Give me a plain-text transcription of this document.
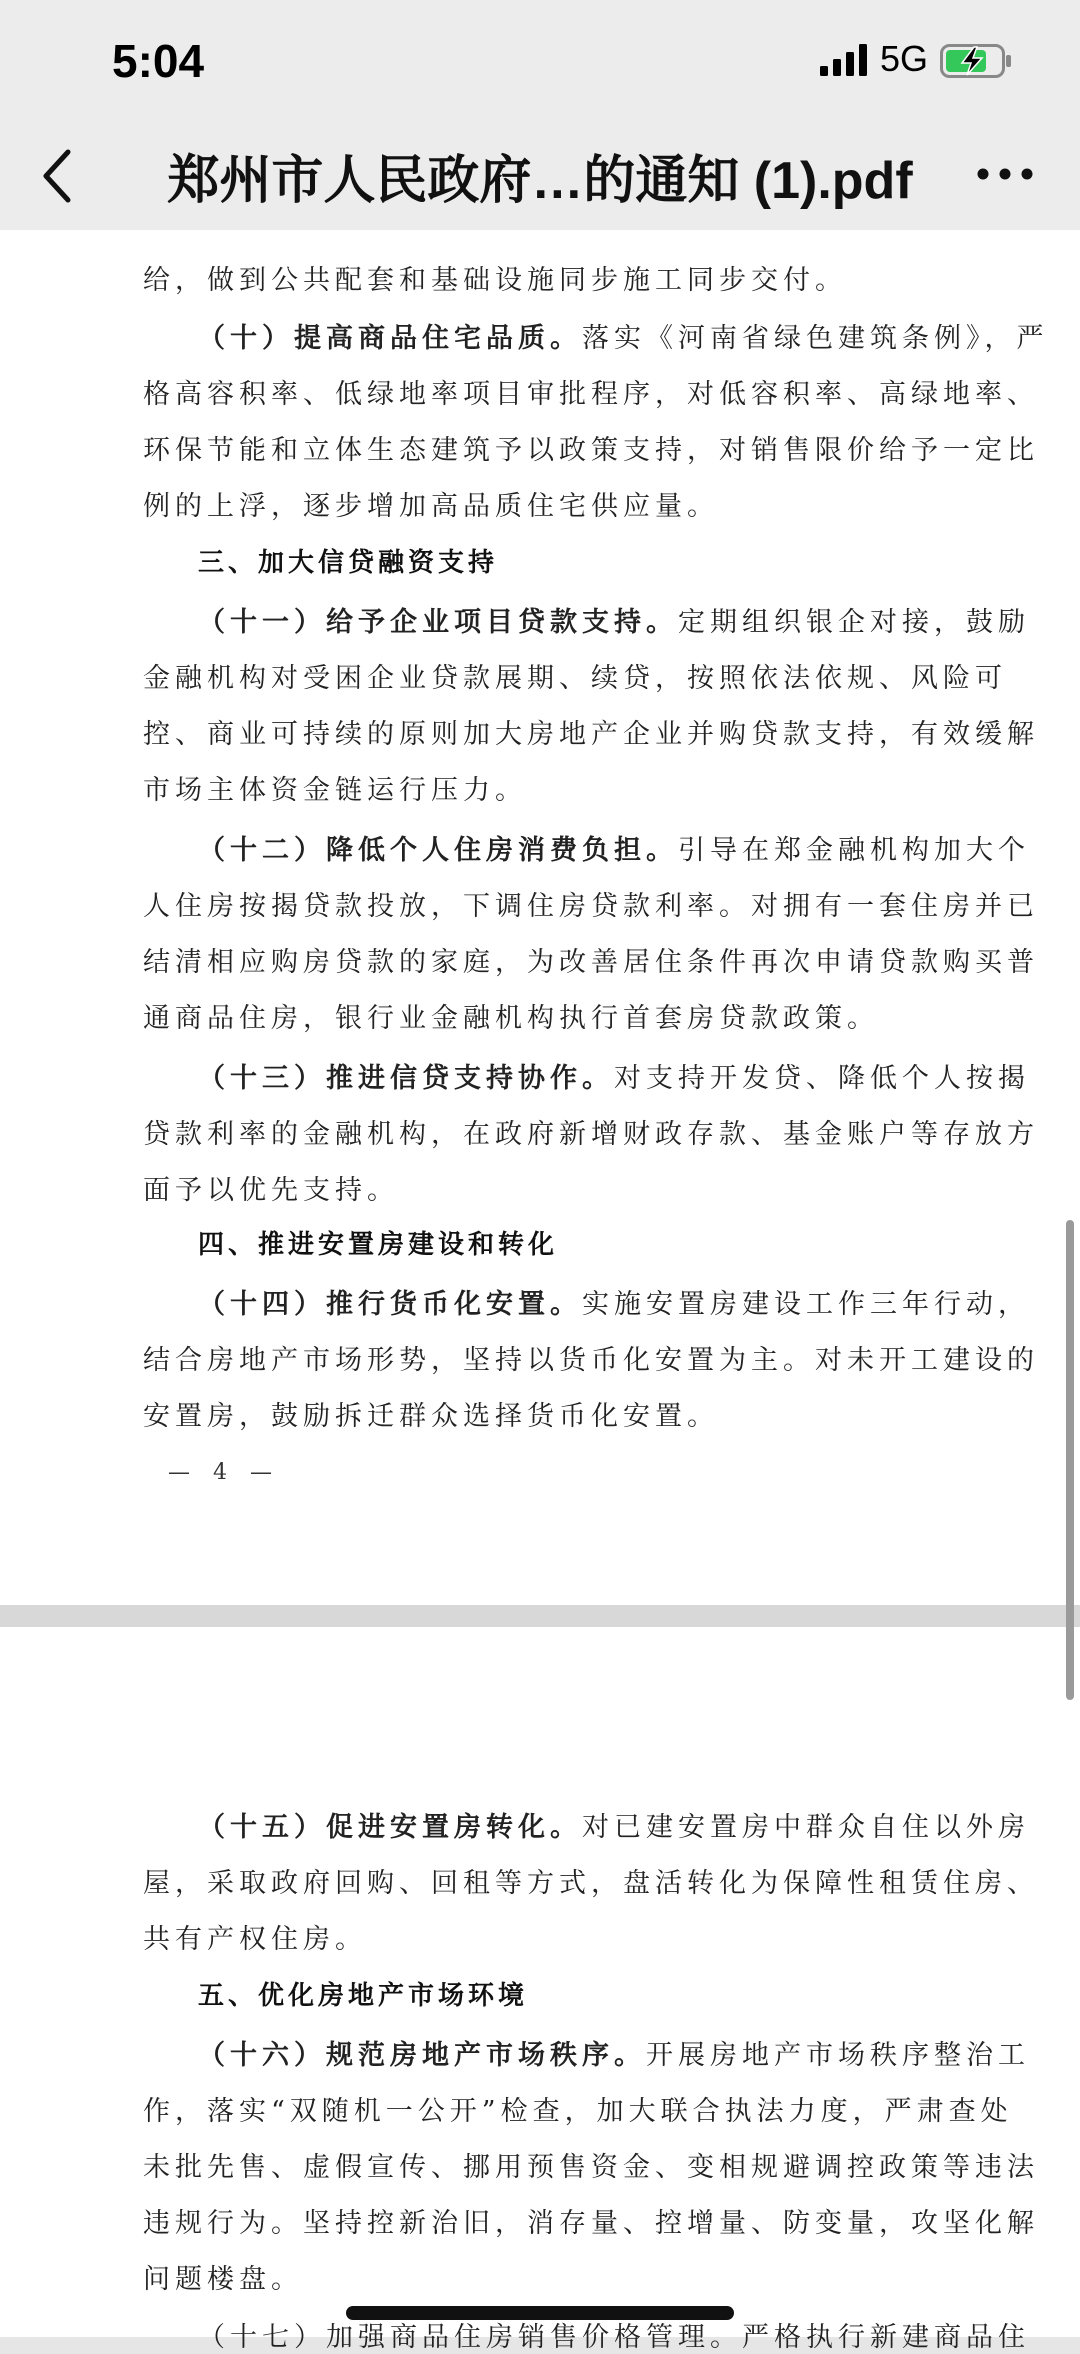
5:04	5G
郑州市人民政府…的通知 (1).pdf
给，做到公共配套和基础设施同步施工同步交付。
（十）提高商品住宅品质。落实《河南省绿色建筑条例》，严
格高容积率、低绿地率项目审批程序，对低容积率、高绿地率、
环保节能和立体生态建筑予以政策支持，对销售限价给予一定比
例的上浮，逐步增加高品质住宅供应量。
三、加大信贷融资支持
（十一）给予企业项目贷款支持。定期组织银企对接，鼓励
金融机构对受困企业贷款展期、续贷，按照依法依规、风险可
控、商业可持续的原则加大房地产企业并购贷款支持，有效缓解
市场主体资金链运行压力。
（十二）降低个人住房消费负担。引导在郑金融机构加大个
人住房按揭贷款投放，下调住房贷款利率。对拥有一套住房并已
结清相应购房贷款的家庭，为改善居住条件再次申请贷款购买普
通商品住房，银行业金融机构执行首套房贷款政策。
（十三）推进信贷支持协作。对支持开发贷、降低个人按揭
贷款利率的金融机构，在政府新增财政存款、基金账户等存放方
面予以优先支持。
四、推进安置房建设和转化
（十四）推行货币化安置。实施安置房建设工作三年行动，
结合房地产市场形势，坚持以货币化安置为主。对未开工建设的
安置房，鼓励拆迁群众选择货币化安置。
— 4 —
（十五）促进安置房转化。对已建安置房中群众自住以外房
屋，采取政府回购、回租等方式，盘活转化为保障性租赁住房、
共有产权住房。
五、优化房地产市场环境
（十六）规范房地产市场秩序。开展房地产市场秩序整治工
作，落实“双随机一公开”检查，加大联合执法力度，严肃查处
未批先售、虚假宣传、挪用预售资金、变相规避调控政策等违法
违规行为。坚持控新治旧，消存量、控增量、防变量，攻坚化解
问题楼盘。
（十七）加强商品住房销售价格管理。严格执行新建商品住
